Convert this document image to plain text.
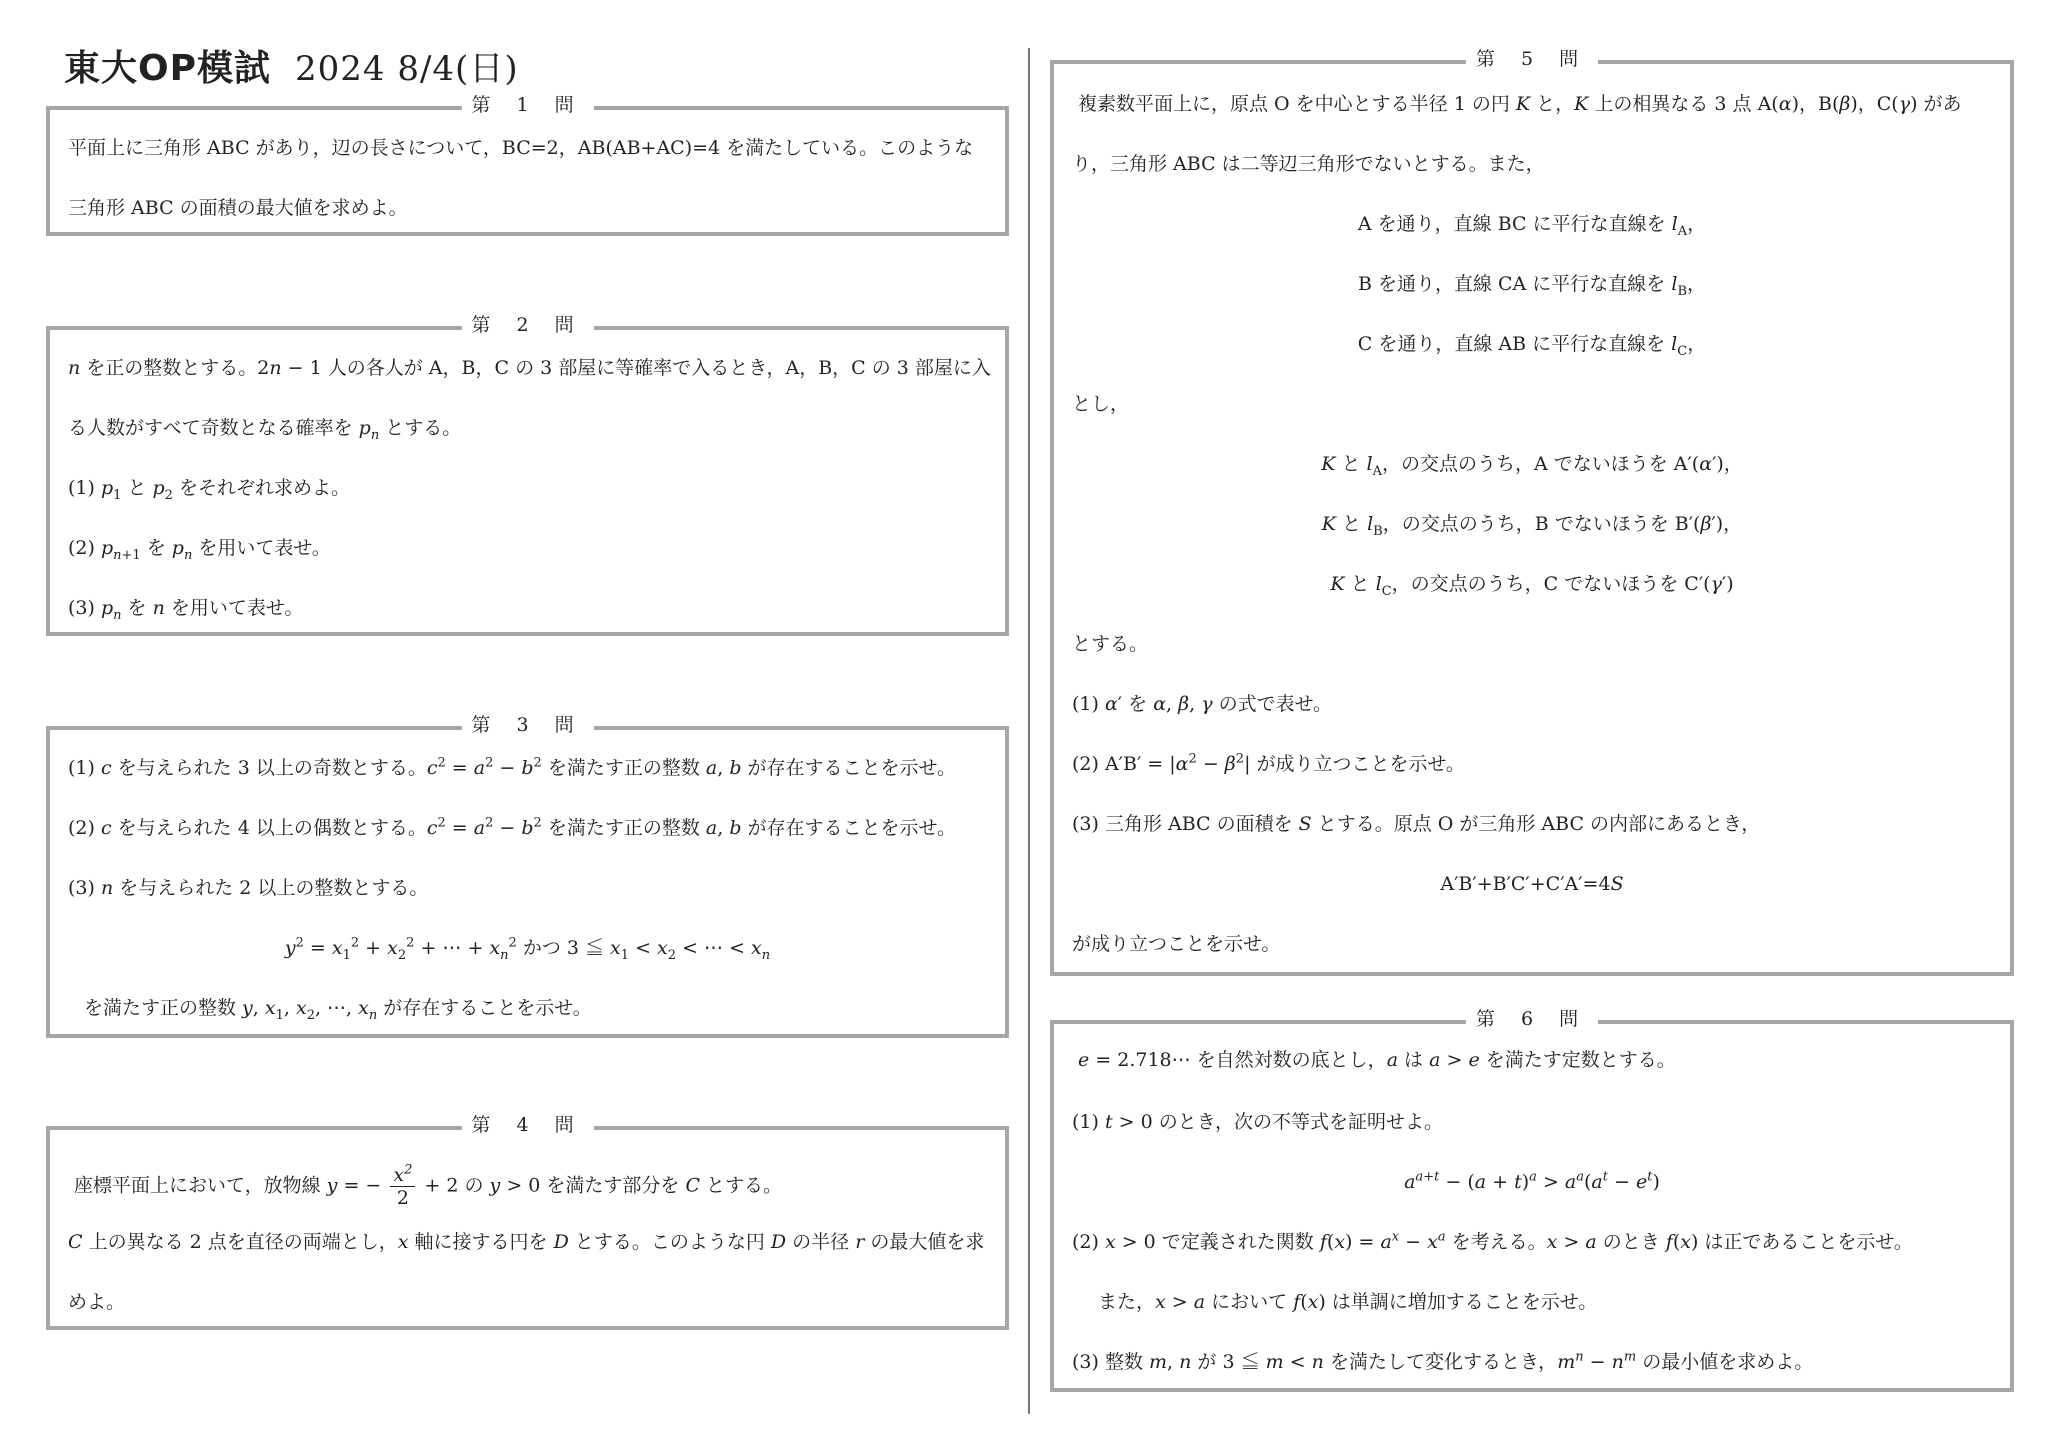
東大OP模試 2024 8/4(日)
第 1 問
平面上に三角形 ABC があり，辺の長さについて，BC=2，AB(AB+AC)=4 を満たしている。このような
三角形 ABC の面積の最大値を求めよ。
第 2 問
n を正の整数とする。2n − 1 人の各人が A，B，C の 3 部屋に等確率で入るとき，A，B，C の 3 部屋に入
る人数がすべて奇数となる確率を $p_n$ とする。
(1) $p_1$ と $p_2$ をそれぞれ求めよ。
(2) $p_{n+1}$ を $p_n$ を用いて表せ。
(3) $p_n$ を n を用いて表せ。
第 3 問
(1) c を与えられた 3 以上の奇数とする。$c^2 = a^2 - b^2$ を満たす正の整数 a, b が存在することを示せ。
(2) c を与えられた 4 以上の偶数とする。$c^2 = a^2 - b^2$ を満たす正の整数 a, b が存在することを示せ。
(3) n を与えられた 2 以上の整数とする。
$y^2 = x_1^2 + x_2^2$ + ⋯ + $x_n^2$ かつ 3 ≦ $x_1 < x_2$ < ⋯ < $x_n$
を満たす正の整数 y, $x_1$, $x_2$, ⋯, $x_n$ が存在することを示せ。
第 4 問
座標平面上において，放物線 y = − $\frac{x^2}{2} + 2$ の y > 0 を満たす部分を C とする。
C 上の異なる 2 点を直径の両端とし，x 軸に接する円を D とする。このような円 D の半径 r の最大値を求
めよ。
第 5 問
複素数平面上に，原点 O を中心とする半径 1 の円 K と，K 上の相異なる 3 点 A(α)，B(β)，C(γ) があ
り，三角形 ABC は二等辺三角形でないとする。また，
A を通り，直線 BC に平行な直線を $l_A$，
B を通り，直線 CA に平行な直線を $l_B$，
C を通り，直線 AB に平行な直線を $l_C$，
とし，
K と $l_A$，の交点のうち，A でないほうを A′(α′)，
K と $l_B$，の交点のうち，B でないほうを B′(β′)，
K と $l_C$，の交点のうち，C でないほうを C′(γ′)
とする。
(1) α′ を α, β, γ の式で表せ。
(2) $A'B' = |\alpha^2 - \beta^2|$ が成り立つことを示せ。
(3) 三角形 ABC の面積を S とする。原点 O が三角形 ABC の内部にあるとき，
A′B′+B′C′+C′A′=4S
が成り立つことを示せ。
第 6 問
e = 2.718⋯ を自然対数の底とし，a は a > e を満たす定数とする。
(1) t > 0 のとき，次の不等式を証明せよ。
$a^{a+t} - (a + t)^a > a^a(a^t - e^t)$
(2) x > 0 で定義された関数 $f(x) = a^x - x^a$ を考える。x > a のとき f(x) は正であることを示せ。
また，x > a において f(x) は単調に増加することを示せ。
(3) 整数 m, n が 3 ≦ m < n を満たして変化するとき，$m^n - n^m$ の最小値を求めよ。
